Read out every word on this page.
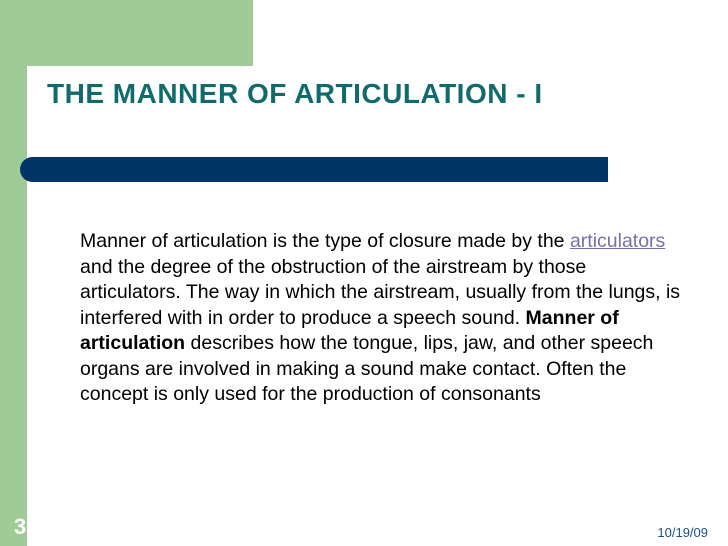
THE MANNER OF ARTICULATION - I
Manner of articulation is the type of closure made by the articulators and the degree of the obstruction of the airstream by those articulators. The way in which the airstream, usually from the lungs, is interfered with in order to produce a speech sound. Manner of articulation describes how the tongue, lips, jaw, and other speech organs are involved in making a sound make contact. Often the concept is only used for the production of consonants
35	10/19/09
